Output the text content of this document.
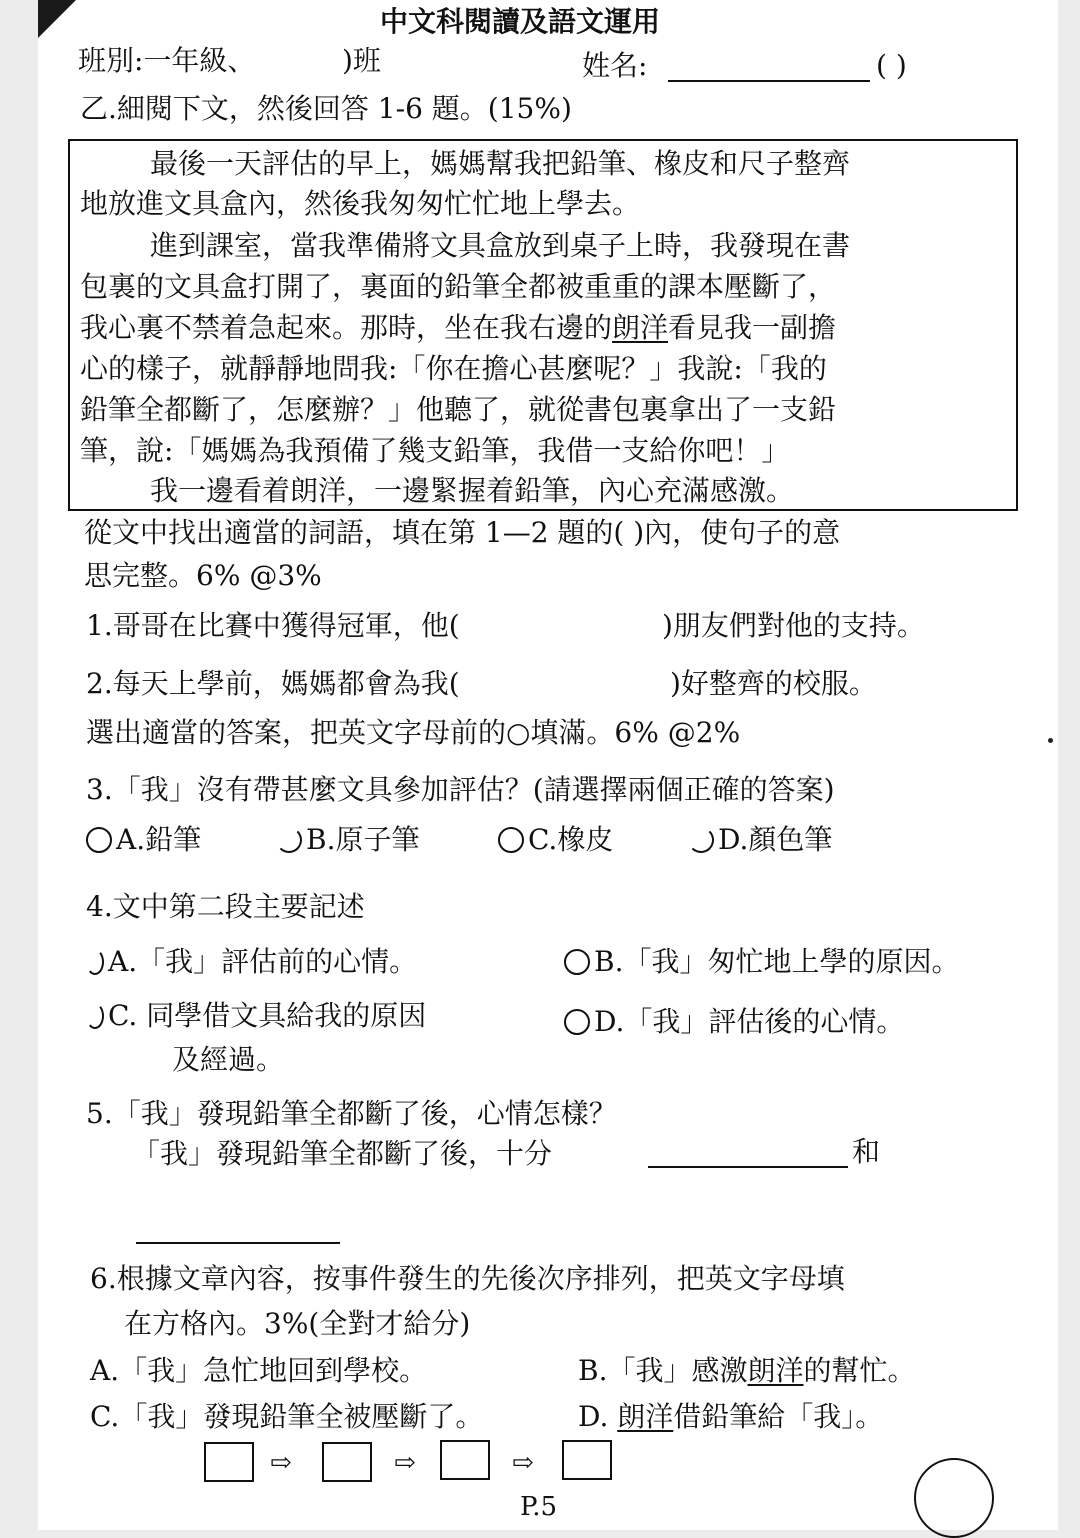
中文科閱讀及語文運用
班別:一年級、	)班	姓名:	( )
乙.細閱下文，然後回答 1-6 題。(15%)
最後一天評估的早上，媽媽幫我把鉛筆、橡皮和尺子整齊
地放進文具盒內，然後我匆匆忙忙地上學去。
進到課室，當我準備將文具盒放到桌子上時，我發現在書
包裏的文具盒打開了，裏面的鉛筆全都被重重的課本壓斷了，
我心裏不禁着急起來。那時，坐在我右邊的朗洋看見我一副擔
心的樣子，就靜靜地問我:「你在擔心甚麼呢？」我說:「我的
鉛筆全都斷了，怎麼辦？」他聽了，就從書包裏拿出了一支鉛
筆，說:「媽媽為我預備了幾支鉛筆，我借一支給你吧！」
我一邊看着朗洋，一邊緊握着鉛筆，內心充滿感激。
從文中找出適當的詞語，填在第 1—2 題的( )內，使句子的意
思完整。6% @3%
1.哥哥在比賽中獲得冠軍，他(	)朋友們對他的支持。
2.每天上學前，媽媽都會為我(	)好整齊的校服。
選出適當的答案，把英文字母前的○填滿。6% @2%
3.「我」沒有帶甚麼文具參加評估？(請選擇兩個正確的答案)
A.鉛筆	B.原子筆	C.橡皮	D.顏色筆
4.文中第二段主要記述
A.「我」評估前的心情。	B.「我」匆忙地上學的原因。
C. 同學借文具給我的原因
及經過。
D.「我」評估後的心情。
5.「我」發現鉛筆全都斷了後，心情怎樣？
「我」發現鉛筆全都斷了後，十分	和
6.根據文章內容，按事件發生的先後次序排列，把英文字母填
在方格內。3%(全對才給分)
A.「我」急忙地回到學校。	B.「我」感激朗洋的幫忙。
C.「我」發現鉛筆全被壓斷了。	D. 朗洋借鉛筆給「我」。
⇨	⇨	⇨
P.5
